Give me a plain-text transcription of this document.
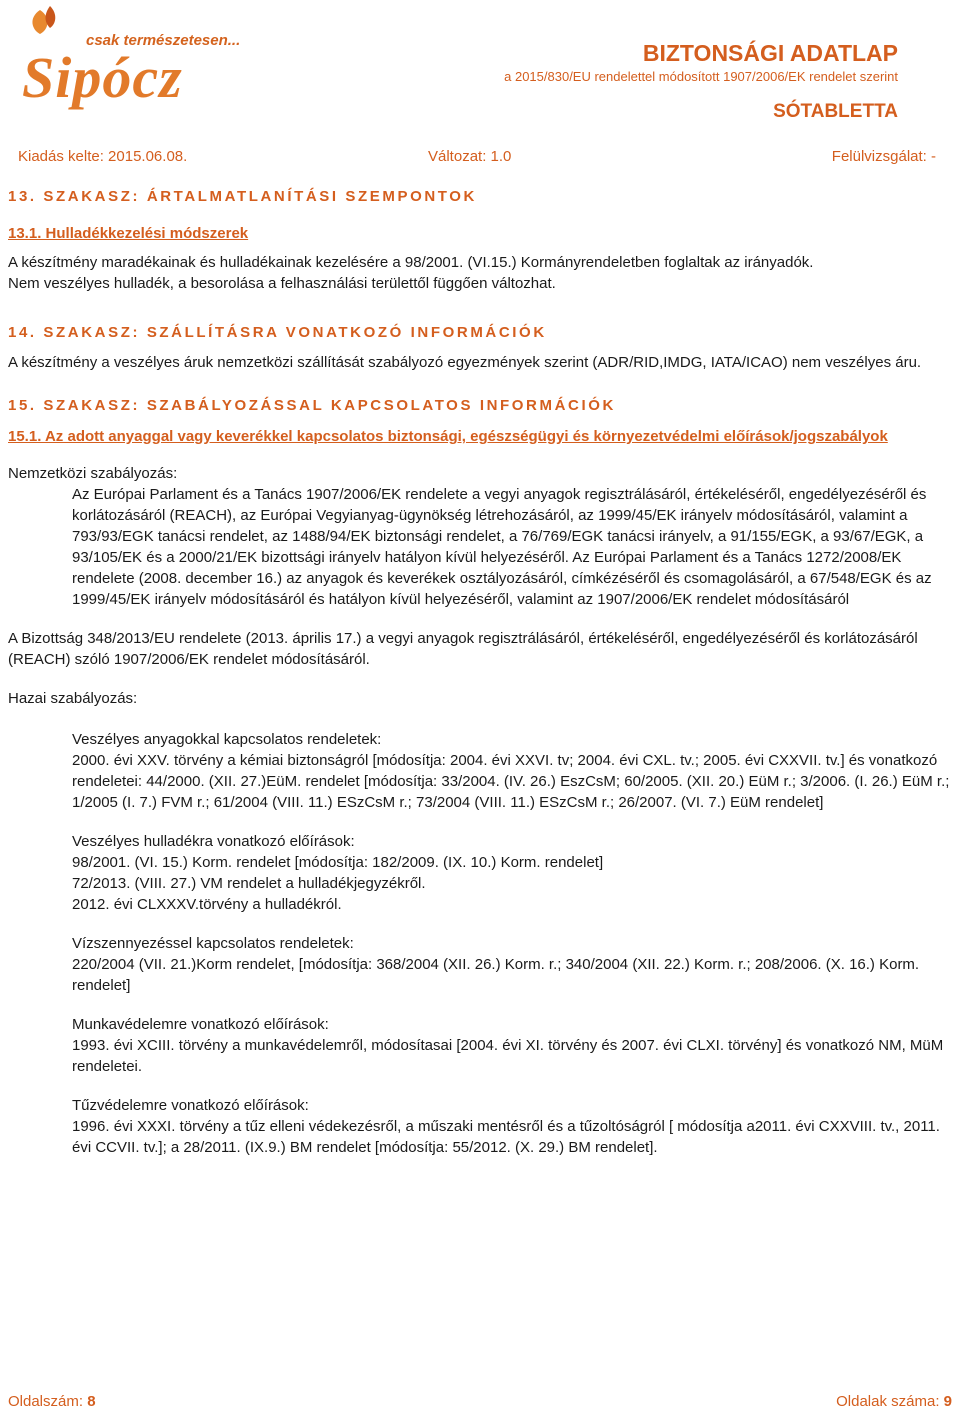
csak természetesen...
Sipócz	BIZTONSÁGI ADATLAP
a 2015/830/EU rendelettel módosított 1907/2006/EK rendelet szerint
SÓTABLETTA
Kiadás kelte: 2015.06.08.	Változat: 1.0	Felülvizsgálat: -
13. SZAKASZ: ÁRTALMATLANÍTÁSI SZEMPONTOK

13.1. Hulladékkezelési módszerek

A készítmény maradékainak és hulladékainak kezelésére a 98/2001. (VI.15.) Kormányrendeletben foglaltak az irányadók.

Nem veszélyes hulladék, a besorolása a felhasználási területtől függően változhat.

14. SZAKASZ: SZÁLLÍTÁSRA VONATKOZÓ INFORMÁCIÓK

A készítmény a veszélyes áruk nemzetközi szállítását szabályozó egyezmények szerint (ADR/RID,IMDG, IATA/ICAO) nem veszélyes áru.

15. SZAKASZ: SZABÁLYOZÁSSAL KAPCSOLATOS INFORMÁCIÓK

15.1. Az adott anyaggal vagy keverékkel kapcsolatos biztonsági, egészségügyi és környezetvédelmi előírások/jogszabályok

Nemzetközi szabályozás:

Az Európai Parlament és a Tanács 1907/2006/EK rendelete a vegyi anyagok regisztrálásáról, értékeléséről, engedélyezéséről és korlátozásáról (REACH), az Európai Vegyianyag-ügynökség létrehozásáról, az 1999/45/EK irányelv módosításáról, valamint a 793/93/EGK tanácsi rendelet, az 1488/94/EK biztonsági rendelet, a 76/769/EGK tanácsi irányelv, a 91/155/EGK, a 93/67/EGK, a 93/105/EK és a 2000/21/EK bizottsági irányelv hatályon kívül helyezéséről. Az Európai Parlament és a Tanács 1272/2008/EK rendelete (2008. december 16.) az anyagok és keverékek osztályozásáról, címkézéséről és csomagolásáról, a 67/548/EGK és az 1999/45/EK irányelv módosításáról és hatályon kívül helyezéséről, valamint az 1907/2006/EK rendelet módosításáról

A Bizottság 348/2013/EU rendelete (2013. április 17.) a vegyi anyagok regisztrálásáról, értékeléséről, engedélyezéséről és korlátozásáról (REACH) szóló 1907/2006/EK rendelet módosításáról.

Hazai szabályozás:

Veszélyes anyagokkal kapcsolatos rendeletek:

2000. évi XXV. törvény a kémiai biztonságról [módosítja: 2004. évi XXVI. tv; 2004. évi CXL. tv.; 2005. évi CXXVII. tv.] és vonatkozó rendeletei: 44/2000. (XII. 27.)EüM. rendelet [módosítja: 33/2004. (IV. 26.) EszCsM; 60/2005. (XII. 20.) EüM r.; 3/2006. (I. 26.) EüM r.; 1/2005 (I. 7.) FVM r.; 61/2004 (VIII. 11.) ESzCsM r.; 73/2004 (VIII. 11.) ESzCsM r.; 26/2007. (VI. 7.) EüM rendelet]

Veszélyes hulladékra vonatkozó előírások:

98/2001. (VI. 15.) Korm. rendelet [módosítja: 182/2009. (IX. 10.) Korm. rendelet]

72/2013. (VIII. 27.) VM rendelet a hulladékjegyzékről.

2012. évi CLXXXV.törvény a hulladékról.

Vízszennyezéssel kapcsolatos rendeletek:

220/2004 (VII. 21.)Korm rendelet, [módosítja: 368/2004 (XII. 26.) Korm. r.; 340/2004 (XII. 22.) Korm. r.; 208/2006. (X. 16.) Korm. rendelet]

Munkavédelemre vonatkozó előírások:

1993. évi XCIII. törvény a munkavédelemről, módosítasai [2004. évi XI. törvény és 2007. évi CLXI. törvény] és vonatkozó NM, MüM rendeletei.

Tűzvédelemre vonatkozó előírások:

1996. évi XXXI. törvény a tűz elleni védekezésről, a műszaki mentésről és a tűzoltóságról [ módosítja a2011. évi CXXVIII. tv., 2011. évi CCVII. tv.]; a 28/2011. (IX.9.) BM rendelet [módosítja: 55/2012. (X. 29.) BM rendelet].

Oldalszám: 8	Oldalak száma: 9
